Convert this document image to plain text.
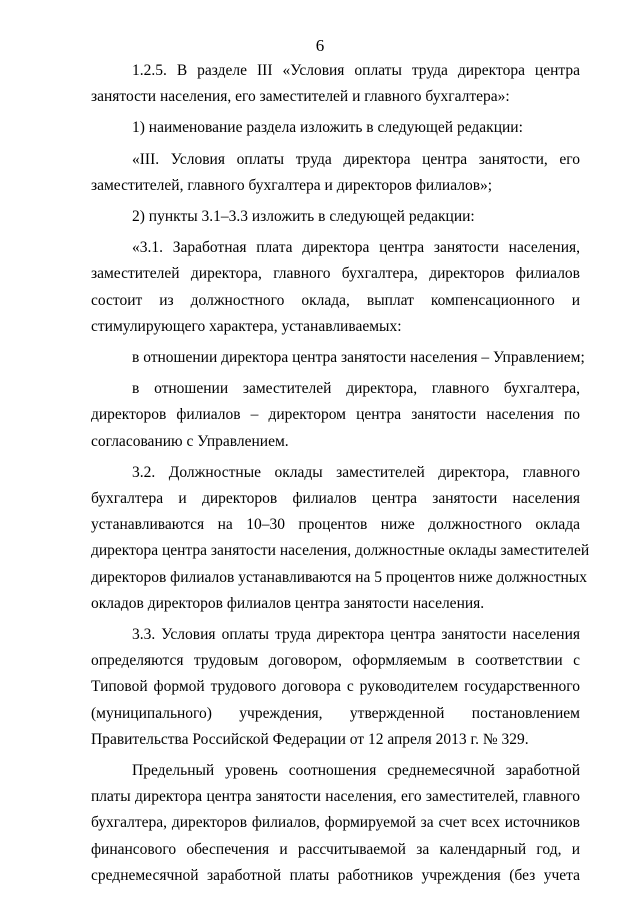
6
1.2.5. В разделе III «Условия оплаты труда директора центра
занятости населения, его заместителей и главного бухгалтера»:
1) наименование раздела изложить в следующей редакции:
«III. Условия оплаты труда директора центра занятости, его
заместителей, главного бухгалтера и директоров филиалов»;
2) пункты 3.1–3.3 изложить в следующей редакции:
«3.1. Заработная плата директора центра занятости населения,
заместителей директора, главного бухгалтера, директоров филиалов
состоит из должностного оклада, выплат компенсационного и
стимулирующего характера, устанавливаемых:
в отношении директора центра занятости населения – Управлением;
в отношении заместителей директора, главного бухгалтера,
директоров филиалов – директором центра занятости населения по
согласованию с Управлением.
3.2. Должностные оклады заместителей директора, главного
бухгалтера и директоров филиалов центра занятости населения
устанавливаются на 10–30 процентов ниже должностного оклада
директора центра занятости населения, должностные оклады заместителей
директоров филиалов устанавливаются на 5 процентов ниже должностных
окладов директоров филиалов центра занятости населения.
3.3. Условия оплаты труда директора центра занятости населения
определяются трудовым договором, оформляемым в соответствии с
Типовой формой трудового договора с руководителем государственного
(муниципального) учреждения, утвержденной постановлением
Правительства Российской Федерации от 12 апреля 2013 г. № 329.
Предельный уровень соотношения среднемесячной заработной
платы директора центра занятости населения, его заместителей, главного
бухгалтера, директоров филиалов, формируемой за счет всех источников
финансового обеспечения и рассчитываемой за календарный год, и
среднемесячной заработной платы работников учреждения (без учета
